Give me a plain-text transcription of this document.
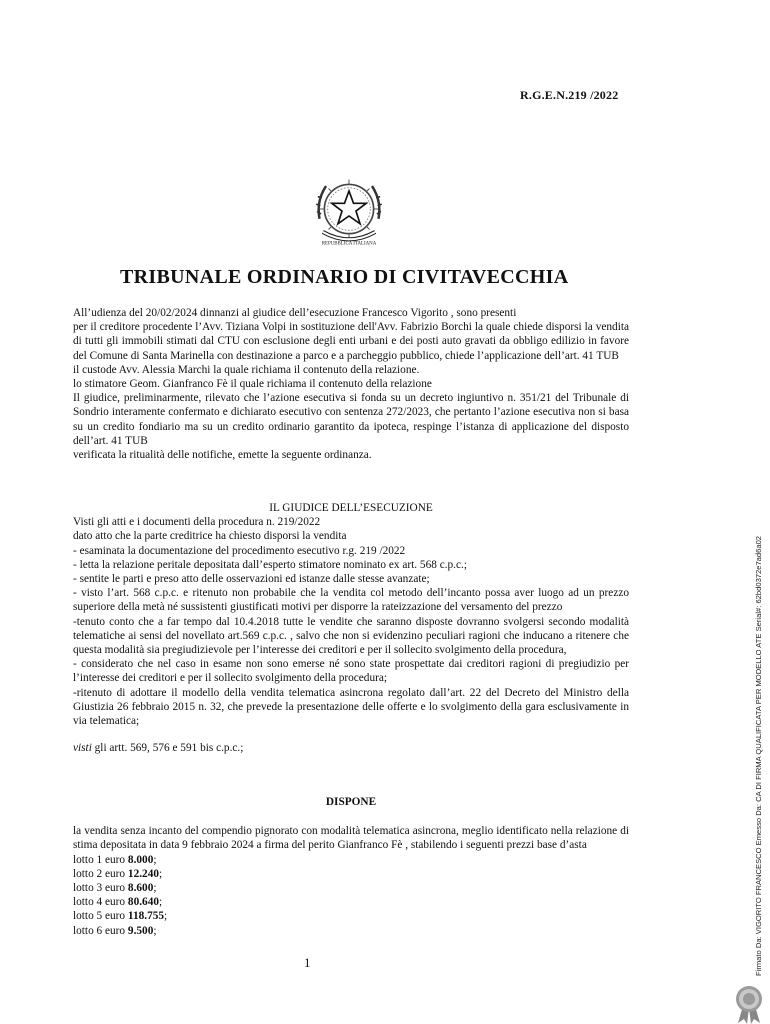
R.G.E.N.219 /2022
REPUBBLICA ITALIANA
TRIBUNALE ORDINARIO DI CIVITAVECCHIA

All’udienza del 20/02/2024 dinnanzi al giudice dell’esecuzione Francesco Vigorito , sono presenti

per il creditore procedente l’Avv. Tiziana Volpi in sostituzione dell'Avv. Fabrizio Borchi la quale chiede disporsi la vendita di tutti gli immobili stimati dal CTU con esclusione degli enti urbani e dei posti auto gravati da obbligo edilizio in favore del Comune di Santa Marinella con destinazione a parco e a parcheggio pubblico, chiede l’applicazione dell’art. 41 TUB

il custode Avv. Alessia Marchi la quale richiama il contenuto della relazione.

lo stimatore Geom. Gianfranco Fè il quale richiama il contenuto della relazione

Il giudice, preliminarmente, rilevato che l’azione esecutiva si fonda su un decreto ingiuntivo n. 351/21 del Tribunale di Sondrio interamente confermato e dichiarato esecutivo con sentenza 272/2023, che pertanto l’azione esecutiva non si basa su un credito fondiario ma su un credito ordinario garantito da ipoteca, respinge l’istanza di applicazione del disposto dell’art. 41 TUB

verificata la ritualità delle notifiche, emette la seguente ordinanza.

IL GIUDICE DELL’ESECUZIONE

Visti gli atti e i documenti della procedura n. 219/2022

dato atto che la parte creditrice ha chiesto disporsi la vendita

- esaminata la documentazione del procedimento esecutivo r.g. 219 /2022

- letta la relazione peritale depositata dall’esperto stimatore nominato ex art. 568 c.p.c.;

- sentite le parti e preso atto delle osservazioni ed istanze dalle stesse avanzate;

- visto l’art. 568 c.p.c. e ritenuto non probabile che la vendita col metodo dell’incanto possa aver luogo ad un prezzo superiore della metà né sussistenti giustificati motivi per disporre la rateizzazione del versamento del prezzo

-tenuto conto che a far tempo dal 10.4.2018 tutte le vendite che saranno disposte dovranno svolgersi secondo modalità telematiche ai sensi del novellato art.569 c.p.c. , salvo che non si evidenzino peculiari ragioni che inducano a ritenere che questa modalità sia pregiudizievole per l’interesse dei creditori e per il sollecito svolgimento della procedura,

- considerato che nel caso in esame non sono emerse né sono state prospettate dai creditori ragioni di pregiudizio per l’interesse dei creditori e per il sollecito svolgimento della procedura;

-ritenuto di adottare il modello della vendita telematica asincrona regolato dall’art. 22 del Decreto del Ministro della Giustizia 26 febbraio 2015 n. 32, che prevede la presentazione delle offerte e lo svolgimento della gara esclusivamente in via telematica;

visti gli artt. 569, 576 e 591 bis c.p.c.;

DISPONE

la vendita senza incanto del compendio pignorato con modalità telematica asincrona, meglio identificato nella relazione di stima depositata in data 9 febbraio 2024 a firma del perito Gianfranco Fè , stabilendo i seguenti prezzi base d’asta

lotto 1 euro 8.000;
lotto 2 euro 12.240;
lotto 3 euro 8.600;
lotto 4 euro 80.640;
lotto 5 euro 118.755;
lotto 6 euro 9.500;
1	Firmato Da: VIGORITO FRANCESCO Emesso Da: CA DI FIRMA QUALIFICATA PER MODELLO ATE Serial#: 62bd0372e7ad6a02
